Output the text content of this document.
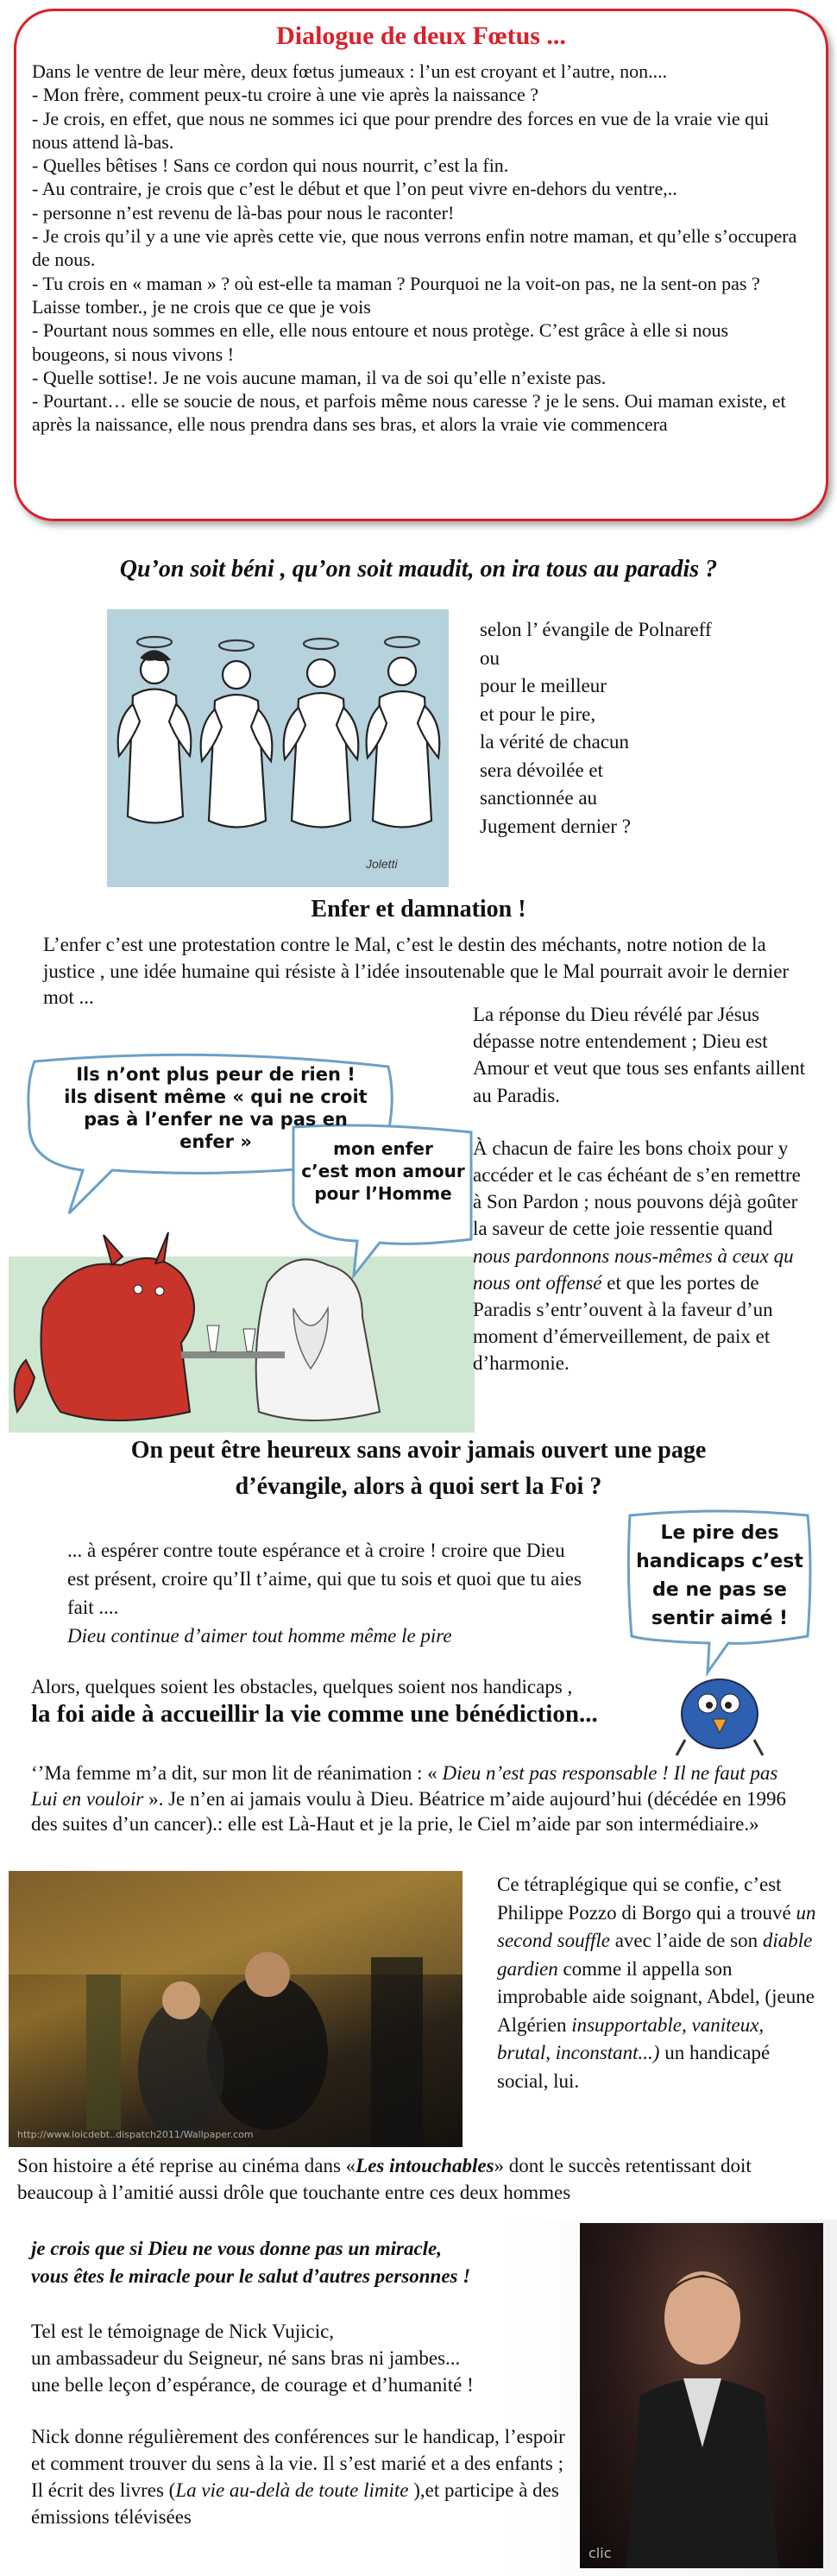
Dialogue de deux Fœtus ...

Dans le ventre de leur mère, deux fœtus jumeaux : l’un est croyant et l’autre, non....

- Mon frère, comment peux-tu croire à une vie après la naissance ?

- Je crois, en effet, que nous ne sommes ici que pour prendre des forces en vue de la vraie vie qui nous attend là-bas.

- Quelles bêtises ! Sans ce cordon qui nous nourrit, c’est la fin.

- Au contraire, je crois que c’est le début et que l’on peut vivre en-dehors du ventre,..

- personne n’est revenu de là-bas pour nous le raconter!

- Je crois qu’il y a une vie après cette vie, que nous verrons enfin notre maman, et qu’elle s’occupera de nous.

- Tu crois en « maman » ? où est-elle ta maman ? Pourquoi ne la voit-on pas, ne la sent-on pas ? Laisse tomber., je ne crois que ce que je vois

- Pourtant nous sommes en elle, elle nous entoure et nous protège. C’est grâce à elle si nous bougeons, si nous vivons !

- Quelle sottise!. Je ne vois aucune maman, il va de soi qu’elle n’existe pas.

- Pourtant… elle se soucie de nous, et parfois même nous caresse ? je le sens. Oui maman existe, et après la naissance, elle nous prendra dans ses bras, et alors la vraie vie commencera

Qu’on soit béni , qu’on soit maudit, on ira tous au paradis ?
Joletti

selon l’ évangile de Polnareff

ou

pour le meilleur

et pour le pire,

la vérité de chacun

sera dévoilée et

sanctionnée au

Jugement dernier ?

Enfer et damnation !
L’enfer c’est une protestation contre le Mal, c’est le destin des méchants, notre notion de la justice , une idée humaine qui résiste à l’idée insoutenable que le Mal pourrait avoir le dernier mot ...
Ils n’ont plus peur de rien !
ils disent même « qui ne croit
pas à l’enfer ne va pas en
enfer »	mon enfer
c’est mon amour
pour l’Homme

La réponse du Dieu révélé par Jésus dépasse notre entendement ; Dieu est Amour et veut que tous ses enfants aillent au Paradis.

À chacun de faire les bons choix pour y accéder et le cas échéant de s’en remettre à Son Pardon ; nous pouvons déjà goûter la saveur de cette joie ressentie quand nous pardonnons nous-mêmes à ceux qu nous ont offensé et que les portes de Paradis s’entr’ouvent à la faveur d’un moment d’émerveillement, de paix et d’harmonie.

On peut être heureux sans avoir jamais ouvert une page
d’évangile, alors à quoi sert la Foi ?
... à espérer contre toute espérance et à croire ! croire que Dieu est présent, croire qu’Il t’aime, qui que tu sois et quoi que tu aies fait ....

Dieu continue d’aimer tout homme même le pire

Le pire des
handicaps c’est
de ne pas se
sentir aimé !
Alors, quelques soient les obstacles, quelques soient nos handicaps ,
la foi aide à accueillir la vie comme une bénédiction...
‘’Ma femme m’a dit, sur mon lit de réanimation : « Dieu n’est pas responsable ! Il ne faut pas Lui en vouloir ». Je n’en ai jamais voulu à Dieu. Béatrice m’aide aujourd’hui (décédée en 1996 des suites d’un cancer).: elle est Là-Haut et je la prie, le Ciel m’aide par son intermédiaire.»
http://www.loicdebt..dispatch2011/Wallpaper.com
Ce tétraplégique qui se confie, c’est Philippe Pozzo di Borgo qui a trouvé un second souffle avec l’aide de son diable gardien comme il appella son improbable aide soignant, Abdel, (jeune Algérien insupportable, vaniteux, brutal, inconstant...) un handicapé social, lui.
Son histoire a été reprise au cinéma dans «Les intouchables» dont le succès retentissant doit beaucoup à l’amitié aussi drôle que touchante entre ces deux hommes
je crois que si Dieu ne vous donne pas un miracle,
vous êtes le miracle pour le salut d’autres personnes !

Tel est le témoignage de Nick Vujicic,

un ambassadeur du Seigneur, né sans bras ni jambes...

une belle leçon d’espérance, de courage et d’humanité !

Nick donne régulièrement des conférences sur le handicap, l’espoir et comment trouver du sens à la vie. Il s’est marié et a des enfants ; Il écrit des livres (La vie au-delà de toute limite ),et participe à des émissions télévisées
clic
